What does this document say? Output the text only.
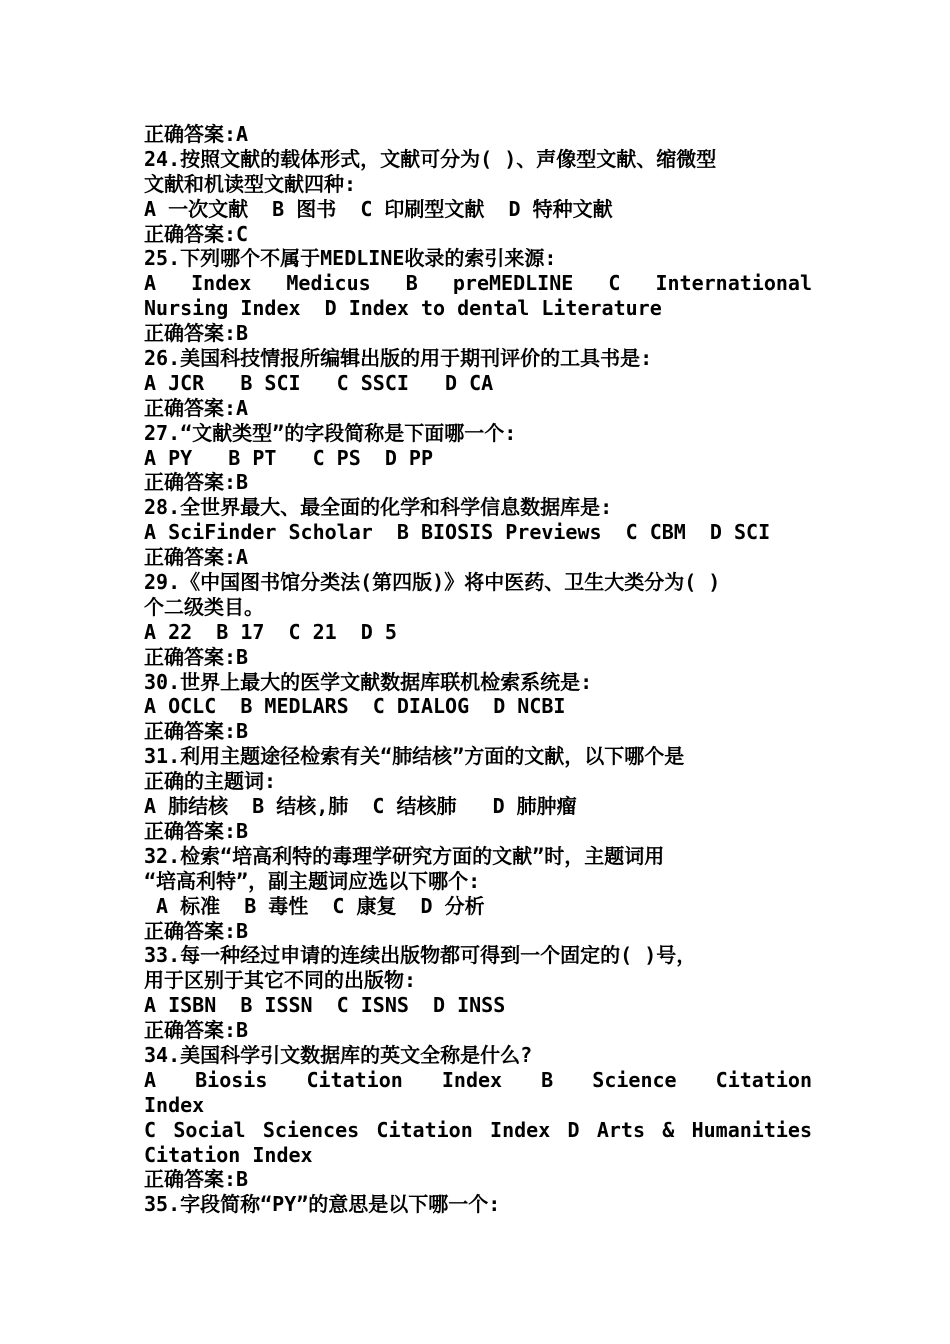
正确答案:A
24.按照文献的载体形式，文献可分为( )、声像型文献、缩微型
文献和机读型文献四种:
A 一次文献  B 图书  C 印刷型文献  D 特种文献
正确答案:C
25.下列哪个不属于MEDLINE收录的索引来源:
A Index Medicus B preMEDLINE C International
Nursing Index  D Index to dental Literature
正确答案:B
26.美国科技情报所编辑出版的用于期刊评价的工具书是:
A JCR   B SCI   C SSCI   D CA
正确答案:A
27.“文献类型”的字段简称是下面哪一个:
A PY   B PT   C PS  D PP
正确答案:B
28.全世界最大、最全面的化学和科学信息数据库是:
A SciFinder Scholar  B BIOSIS Previews  C CBM  D SCI
正确答案:A
29.《中国图书馆分类法(第四版)》将中医药、卫生大类分为( )
个二级类目。
A 22  B 17  C 21  D 5
正确答案:B
30.世界上最大的医学文献数据库联机检索系统是:
A OCLC  B MEDLARS  C DIALOG  D NCBI
正确答案:B
31.利用主题途径检索有关“肺结核”方面的文献，以下哪个是
正确的主题词:
A 肺结核  B 结核,肺  C 结核肺   D 肺肿瘤
正确答案:B
32.检索“培高利特的毒理学研究方面的文献”时，主题词用
“培高利特”，副主题词应选以下哪个:
A 标准  B 毒性  C 康复  D 分析
正确答案:B
33.每一种经过申请的连续出版物都可得到一个固定的( )号，
用于区别于其它不同的出版物:
A ISBN  B ISSN  C ISNS  D INSS
正确答案:B
34.美国科学引文数据库的英文全称是什么?
A Biosis Citation Index B Science Citation
Index
C Social Sciences Citation Index D Arts & Humanities
Citation Index
正确答案:B
35.字段简称“PY”的意思是以下哪一个:
